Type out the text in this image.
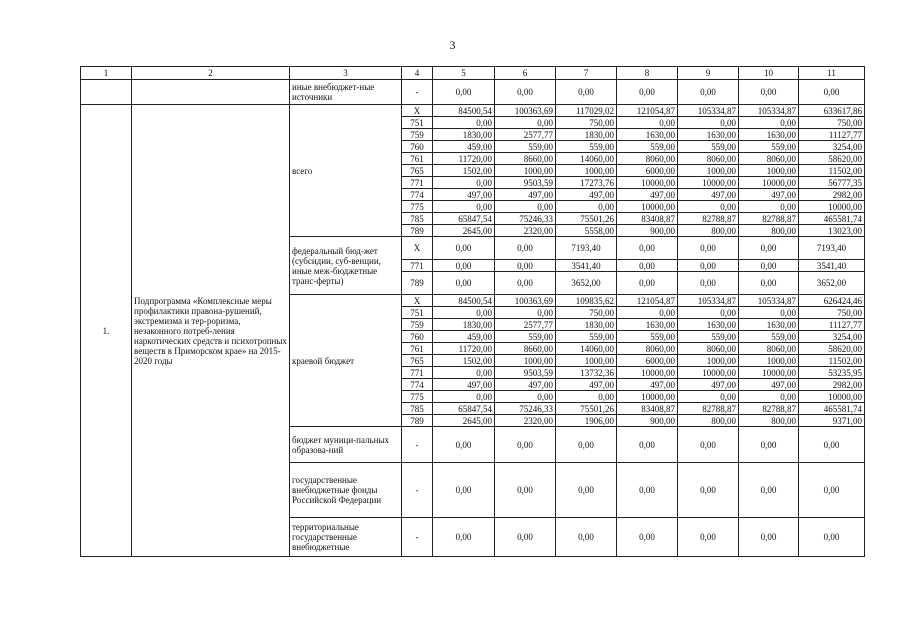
3
1	2	3	4	5	6	7	8	9	10	11
		иные внебюджет-ные источники	-	0,00	0,00	0,00	0,00	0,00	0,00	0,00
1.	Подпрограмма «Комплексные меры профилактики правона-рушений, экстремизма и тер-роризма, незаконного потреб-ления наркотических средств и психотропных веществ в Приморском крае» на 2015-2020 годы	всего	X	84500,54	100363,69	117029,02	121054,87	105334,87	105334,87	633617,86
			751	0,00	0,00	750,00	0,00	0,00	0,00	750,00
			759	1830,00	2577,77	1830,00	1630,00	1630,00	1630,00	11127,77
			760	459,00	559,00	559,00	559,00	559,00	559,00	3254,00
			761	11720,00	8660,00	14060,00	8060,00	8060,00	8060,00	58620,00
			765	1502,00	1000,00	1000,00	6000,00	1000,00	1000,00	11502,00
			771	0,00	9503,59	17273,76	10000,00	10000,00	10000,00	56777,35
			774	497,00	497,00	497,00	497,00	497,00	497,00	2982,00
			775	0,00	0,00	0,00	10000,00	0,00	0,00	10000,00
			785	65847,54	75246,33	75501,26	83408,87	82788,87	82788,87	465581,74
			789	2645,00	2320,00	5558,00	900,00	800,00	800,00	13023,00
		федеральный бюд-жет (субсидии, суб-венции, иные меж-бюджетные транс-ферты)	X	0,00	0,00	7193,40	0,00	0,00	0,00	7193,40
			771	0,00	0,00	3541,40	0,00	0,00	0,00	3541,40
			789	0,00	0,00	3652,00	0,00	0,00	0,00	3652,00
		краевой бюджет	X	84500,54	100363,69	109835,62	121054,87	105334,87	105334,87	626424,46
			751	0,00	0,00	750,00	0,00	0,00	0,00	750,00
			759	1830,00	2577,77	1830,00	1630,00	1630,00	1630,00	11127,77
			760	459,00	559,00	559,00	559,00	559,00	559,00	3254,00
			761	11720,00	8660,00	14060,00	8060,00	8060,00	8060,00	58620,00
			765	1502,00	1000,00	1000,00	6000,00	1000,00	1000,00	11502,00
			771	0,00	9503,59	13732,36	10000,00	10000,00	10000,00	53235,95
			774	497,00	497,00	497,00	497,00	497,00	497,00	2982,00
			775	0,00	0,00	0,00	10000,00	0,00	0,00	10000,00
			785	65847,54	75246,33	75501,26	83408,87	82788,87	82788,87	465581,74
			789	2645,00	2320,00	1906,00	900,00	800,00	800,00	9371,00
		бюджет муници-пальных образова-ний	-	0,00	0,00	0,00	0,00	0,00	0,00	0,00
		государственные внебюджетные фонды Российской Федерации	-	0,00	0,00	0,00	0,00	0,00	0,00	0,00
		территориальные государственные внебюджетные	-	0,00	0,00	0,00	0,00	0,00	0,00	0,00
